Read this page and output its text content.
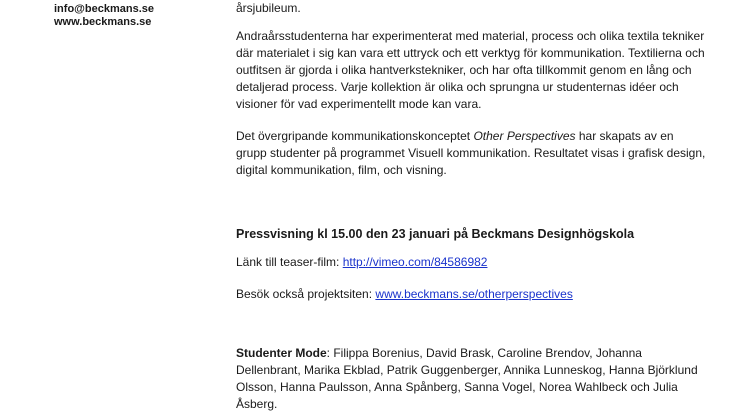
info@beckmans.se
www.beckmans.se

årsjubileum.

Andraårsstudenterna har experimenterat med material, process och olika textila tekniker där materialet i sig kan vara ett uttryck och ett verktyg för kommunikation. Textilierna och outfitsen är gjorda i olika hantverkstekniker, och har ofta tillkommit genom en lång och detaljerad process. Varje kollektion är olika och sprungna ur studenternas idéer och visioner för vad experimentellt mode kan vara.

Det övergripande kommunikationskonceptet Other Perspectives har skapats av en grupp studenter på programmet Visuell kommunikation. Resultatet visas i grafisk design, digital kommunikation, film, och visning.

Pressvisning kl 15.00 den 23 januari på Beckmans Designhögskola
Länk till teaser-film: http://vimeo.com/84586982
Besök också projektsiten: www.beckmans.se/otherperspectives

Studenter Mode: Filippa Borenius, David Brask, Caroline Brendov, Johanna Dellenbrant, Marika Ekblad, Patrik Guggenberger, Annika Lunneskog, Hanna Björklund Olsson, Hanna Paulsson, Anna Spånberg, Sanna Vogel, Norea Wahlbeck och Julia Åsberg.
